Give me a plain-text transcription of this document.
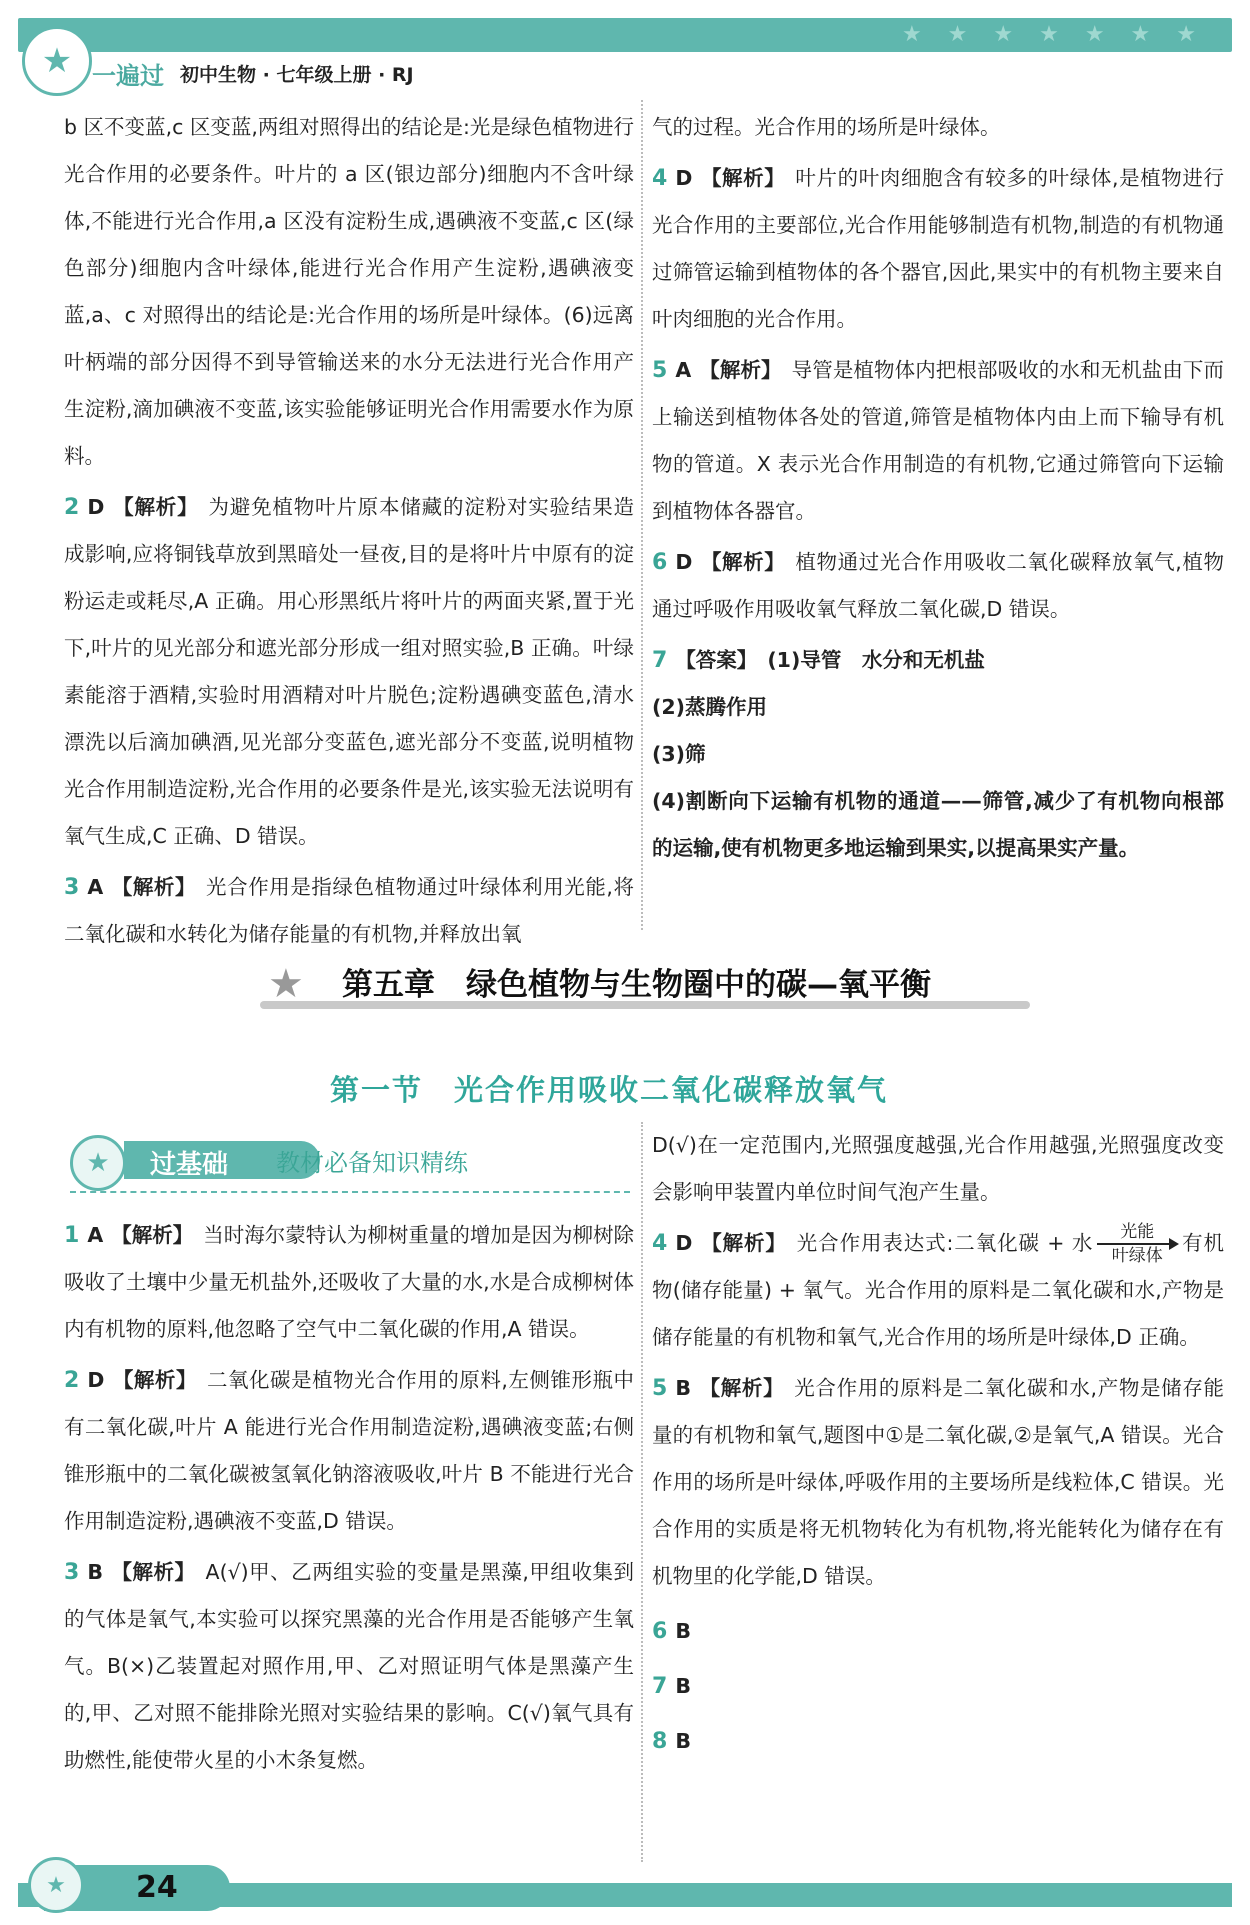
★★★★★★★
★ 一遍过 初中生物 · 七年级上册 · RJ

b 区不变蓝,c 区变蓝,两组对照得出的结论是:光是绿色植物进行光合作用的必要条件。叶片的 a 区(银边部分)细胞内不含叶绿体,不能进行光合作用,a 区没有淀粉生成,遇碘液不变蓝,c 区(绿色部分)细胞内含叶绿体,能进行光合作用产生淀粉,遇碘液变蓝,a、c 对照得出的结论是:光合作用的场所是叶绿体。(6)远离叶柄端的部分因得不到导管输送来的水分无法进行光合作用产生淀粉,滴加碘液不变蓝,该实验能够证明光合作用需要水作为原料。

2 D 【解析】 为避免植物叶片原本储藏的淀粉对实验结果造成影响,应将铜钱草放到黑暗处一昼夜,目的是将叶片中原有的淀粉运走或耗尽,A 正确。用心形黑纸片将叶片的两面夹紧,置于光下,叶片的见光部分和遮光部分形成一组对照实验,B 正确。叶绿素能溶于酒精,实验时用酒精对叶片脱色;淀粉遇碘变蓝色,清水漂洗以后滴加碘酒,见光部分变蓝色,遮光部分不变蓝,说明植物光合作用制造淀粉,光合作用的必要条件是光,该实验无法说明有氧气生成,C 正确、D 错误。

3 A 【解析】 光合作用是指绿色植物通过叶绿体利用光能,将二氧化碳和水转化为储存能量的有机物,并释放出氧

气的过程。光合作用的场所是叶绿体。

4 D 【解析】 叶片的叶肉细胞含有较多的叶绿体,是植物进行光合作用的主要部位,光合作用能够制造有机物,制造的有机物通过筛管运输到植物体的各个器官,因此,果实中的有机物主要来自叶肉细胞的光合作用。

5 A 【解析】 导管是植物体内把根部吸收的水和无机盐由下而上输送到植物体各处的管道,筛管是植物体内由上而下输导有机物的管道。X 表示光合作用制造的有机物,它通过筛管向下运输到植物体各器官。

6 D 【解析】 植物通过光合作用吸收二氧化碳释放氧气,植物通过呼吸作用吸收氧气释放二氧化碳,D 错误。

7 【答案】 (1)导管　水分和无机盐

(2)蒸腾作用

(3)筛

(4)割断向下运输有机物的通道——筛管,减少了有机物向根部的运输,使有机物更多地运输到果实,以提高果实产量。

★ 第五章　绿色植物与生物圈中的碳—氧平衡
第一节　光合作用吸收二氧化碳释放氧气
过基础
★	教材必备知识精练

1 A 【解析】 当时海尔蒙特认为柳树重量的增加是因为柳树除吸收了土壤中少量无机盐外,还吸收了大量的水,水是合成柳树体内有机物的原料,他忽略了空气中二氧化碳的作用,A 错误。

2 D 【解析】 二氧化碳是植物光合作用的原料,左侧锥形瓶中有二氧化碳,叶片 A 能进行光合作用制造淀粉,遇碘液变蓝;右侧锥形瓶中的二氧化碳被氢氧化钠溶液吸收,叶片 B 不能进行光合作用制造淀粉,遇碘液不变蓝,D 错误。

3 B 【解析】 A(√)甲、乙两组实验的变量是黑藻,甲组收集到的气体是氧气,本实验可以探究黑藻的光合作用是否能够产生氧气。B(×)乙装置起对照作用,甲、乙对照证明气体是黑藻产生的,甲、乙对照不能排除光照对实验结果的影响。C(√)氧气具有助燃性,能使带火星的小木条复燃。

D(√)在一定范围内,光照强度越强,光合作用越强,光照强度改变会影响甲装置内单位时间气泡产生量。

4 D 【解析】 光合作用表达式:二氧化碳 + 水 $\frac{\text{光能}}{\text{叶绿体}}$ 有机物(储存能量) + 氧气。光合作用的原料是二氧化碳和水,产物是储存能量的有机物和氧气,光合作用的场所是叶绿体,D 正确。

5 B 【解析】 光合作用的原料是二氧化碳和水,产物是储存能量的有机物和氧气,题图中①是二氧化碳,②是氧气,A 错误。光合作用的场所是叶绿体,呼吸作用的主要场所是线粒体,C 错误。光合作用的实质是将无机物转化为有机物,将光能转化为储存在有机物里的化学能,D 错误。

6 B

7 B

8 B

★	24
